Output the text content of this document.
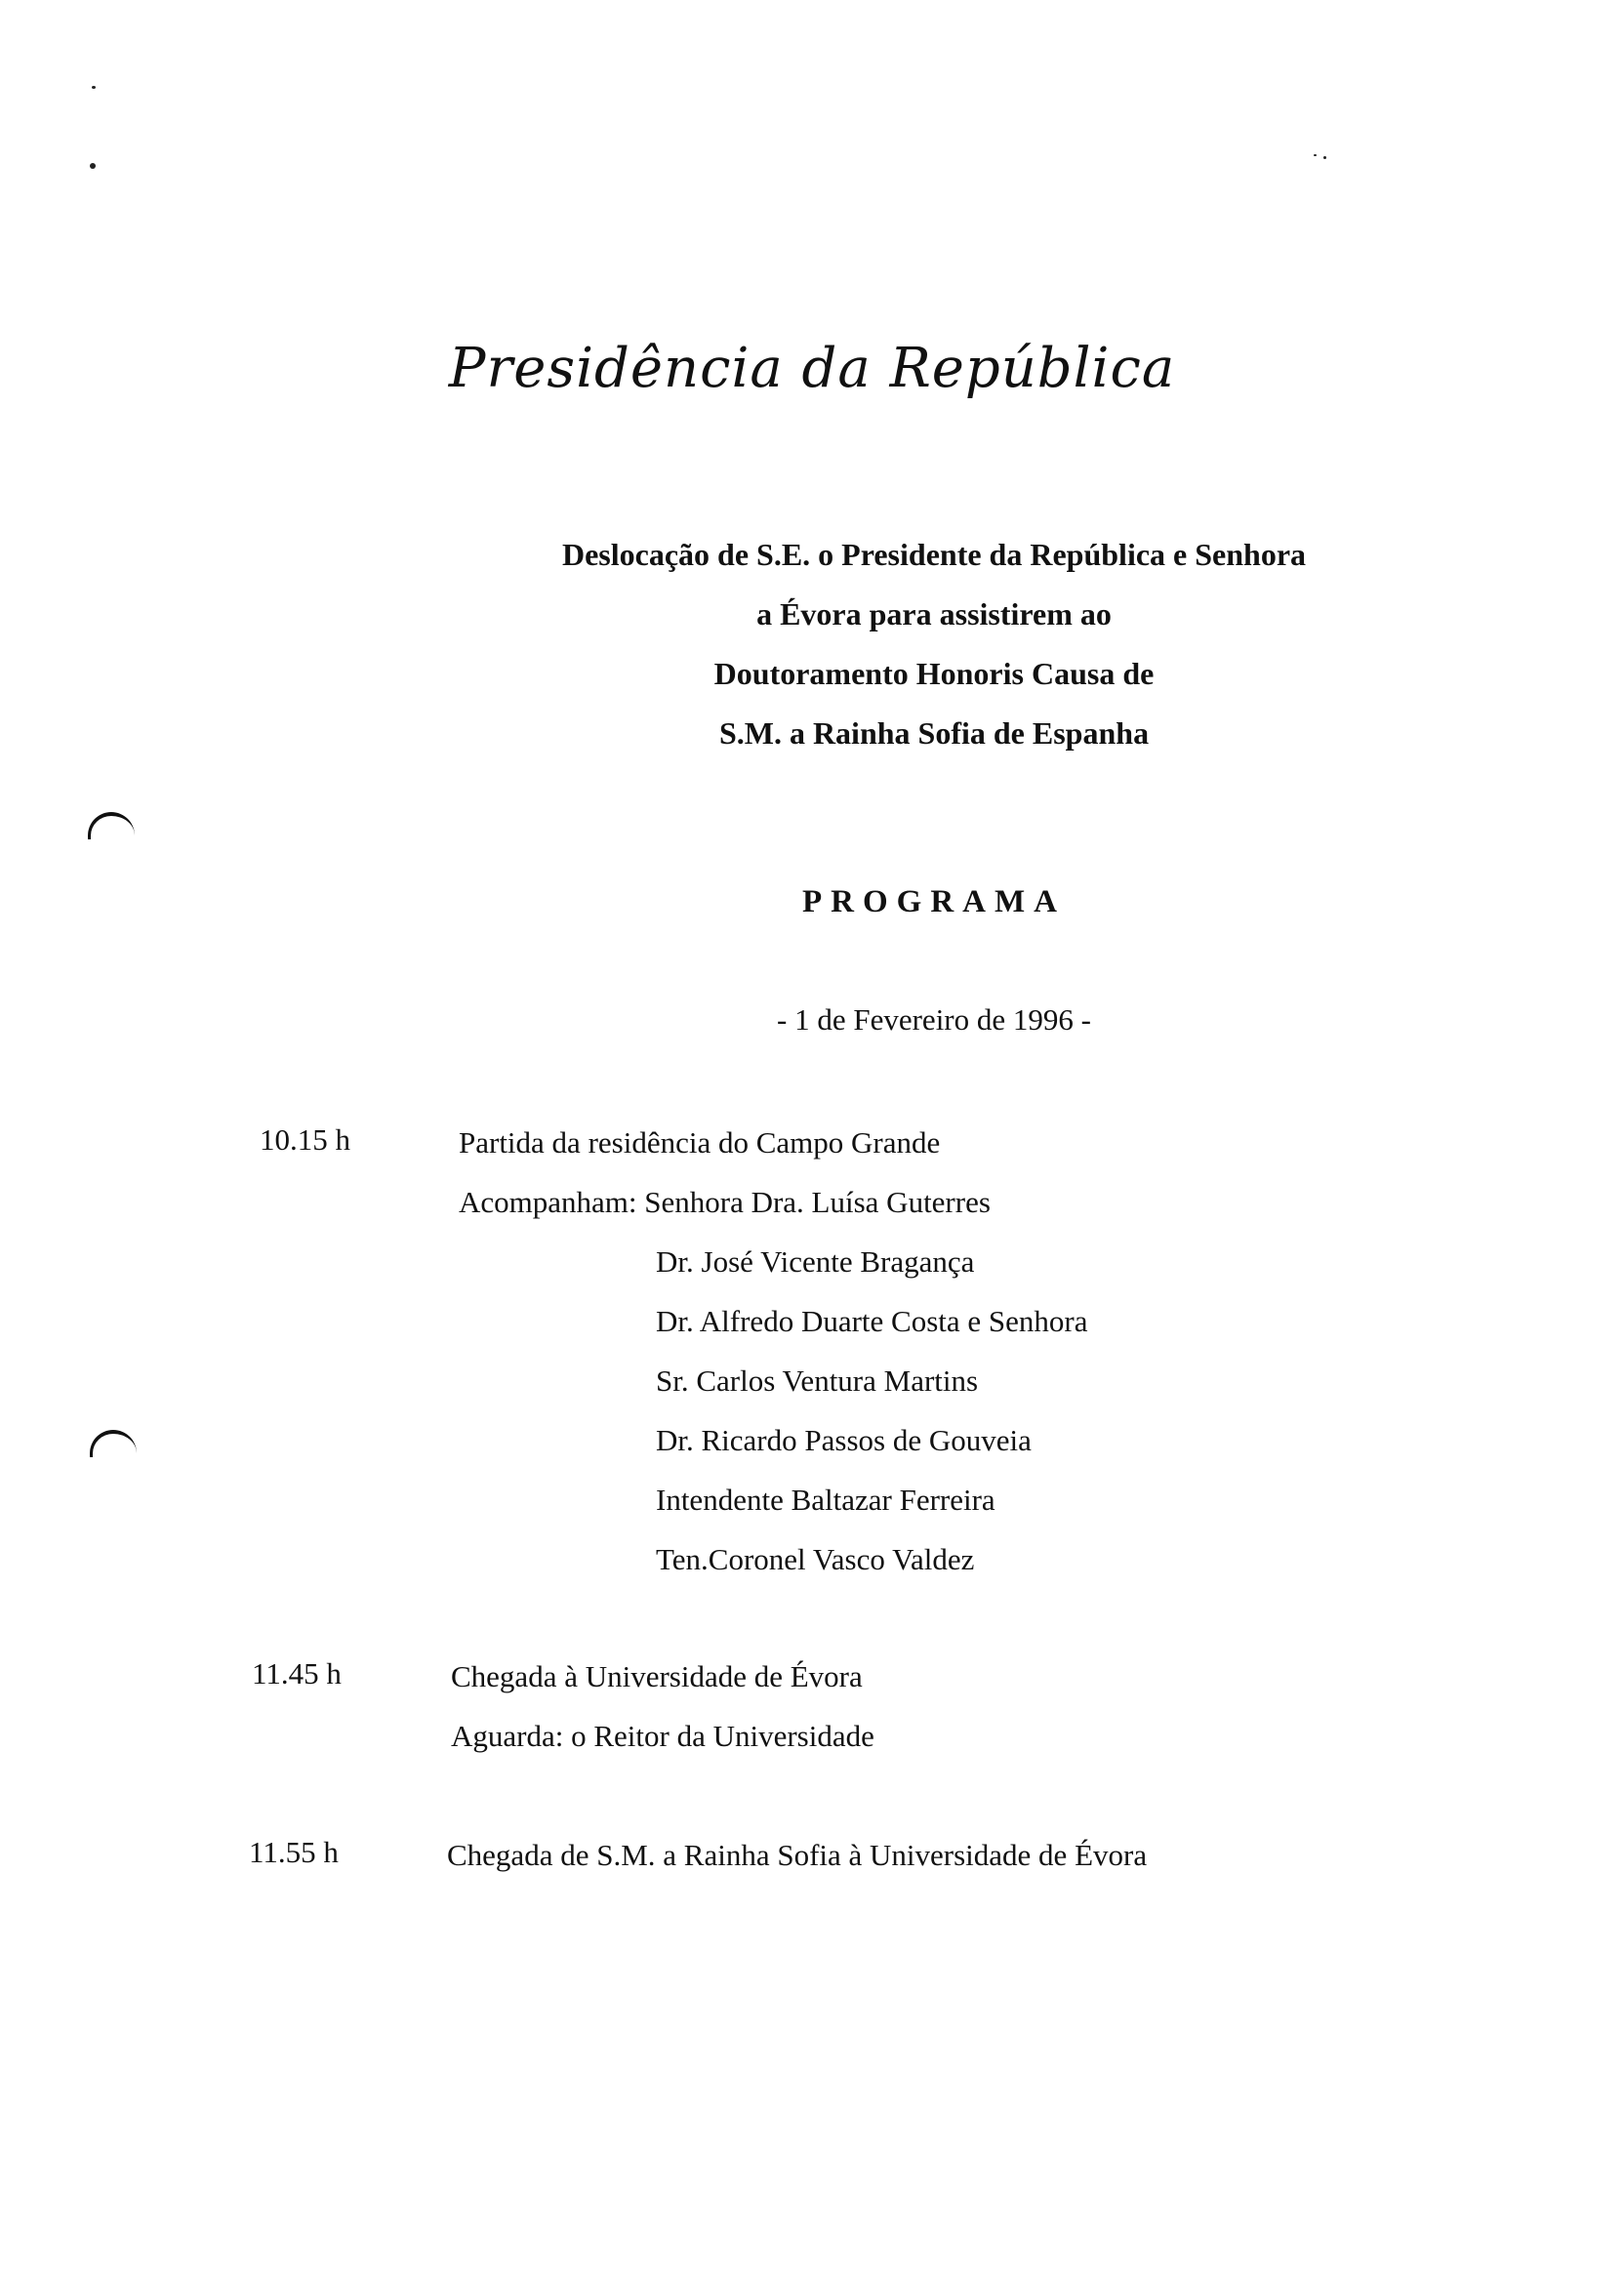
Presidência da República
Deslocação de S.E. o Presidente da República e Senhora
a Évora para assistirem ao
Doutoramento Honoris Causa de
S.M. a Rainha Sofia de Espanha
PROGRAMA
- 1 de Fevereiro de 1996 -
10.15 h	Partida da residência do Campo Grande
Acompanham: Senhora Dra. Luísa Guterres
Dr. José Vicente Bragança
Dr. Alfredo Duarte Costa e Senhora
Sr. Carlos Ventura Martins
Dr. Ricardo Passos de Gouveia
Intendente Baltazar Ferreira
Ten.Coronel Vasco Valdez
11.45 h	Chegada à Universidade de Évora
Aguarda: o Reitor da Universidade
11.55 h	Chegada de S.M. a Rainha Sofia à Universidade de Évora
